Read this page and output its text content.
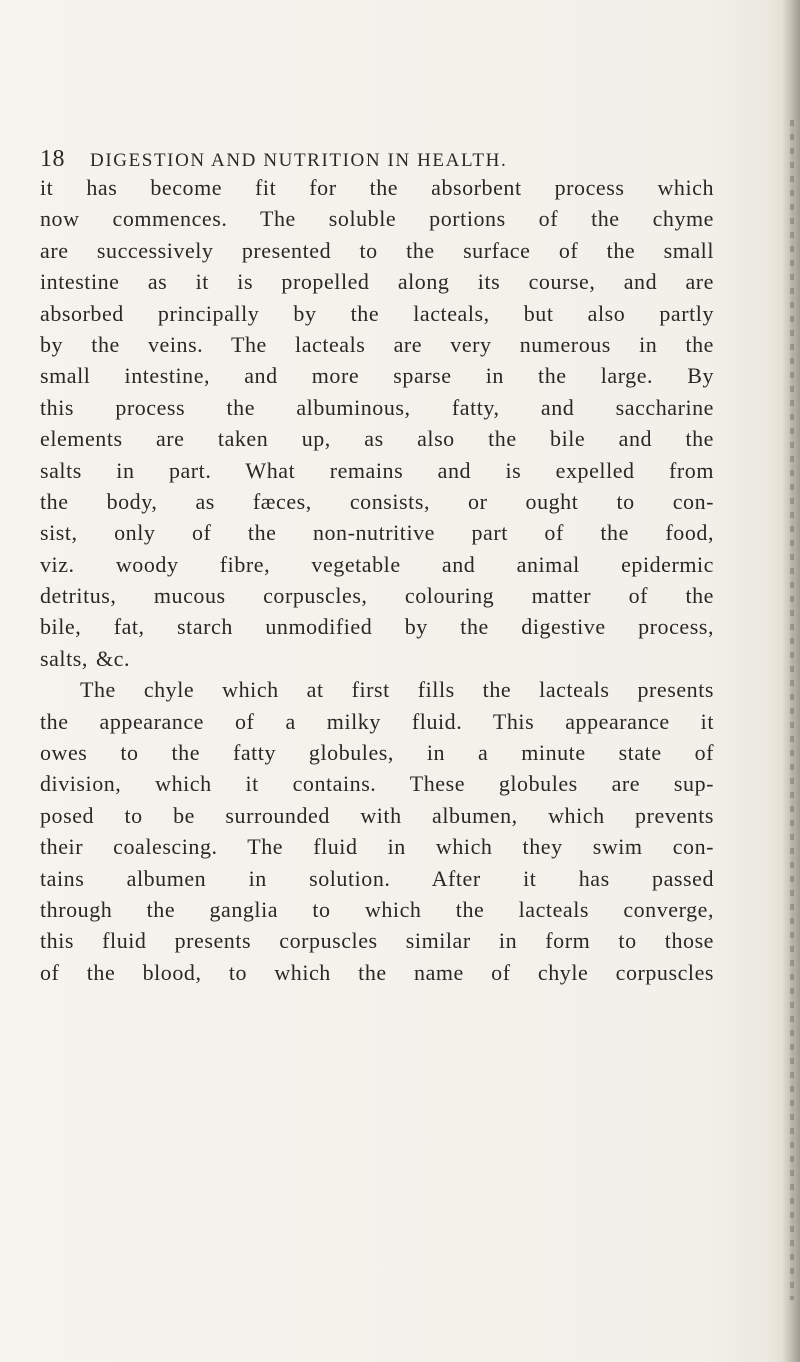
18	DIGESTION AND NUTRITION IN HEALTH.
it has become fit for the absorbent process which
now commences. The soluble portions of the chyme
are successively presented to the surface of the small
intestine as it is propelled along its course, and are
absorbed principally by the lacteals, but also partly
by the veins. The lacteals are very numerous in the
small intestine, and more sparse in the large. By
this process the albuminous, fatty, and saccharine
elements are taken up, as also the bile and the
salts in part. What remains and is expelled from
the body, as fæces, consists, or ought to con-
sist, only of the non-nutritive part of the food,
viz. woody fibre, vegetable and animal epidermic
detritus, mucous corpuscles, colouring matter of the
bile, fat, starch unmodified by the digestive process,
salts, &c.
The chyle which at first fills the lacteals presents
the appearance of a milky fluid. This appearance it
owes to the fatty globules, in a minute state of
division, which it contains. These globules are sup-
posed to be surrounded with albumen, which prevents
their coalescing. The fluid in which they swim con-
tains albumen in solution. After it has passed
through the ganglia to which the lacteals converge,
this fluid presents corpuscles similar in form to those
of the blood, to which the name of chyle corpuscles
